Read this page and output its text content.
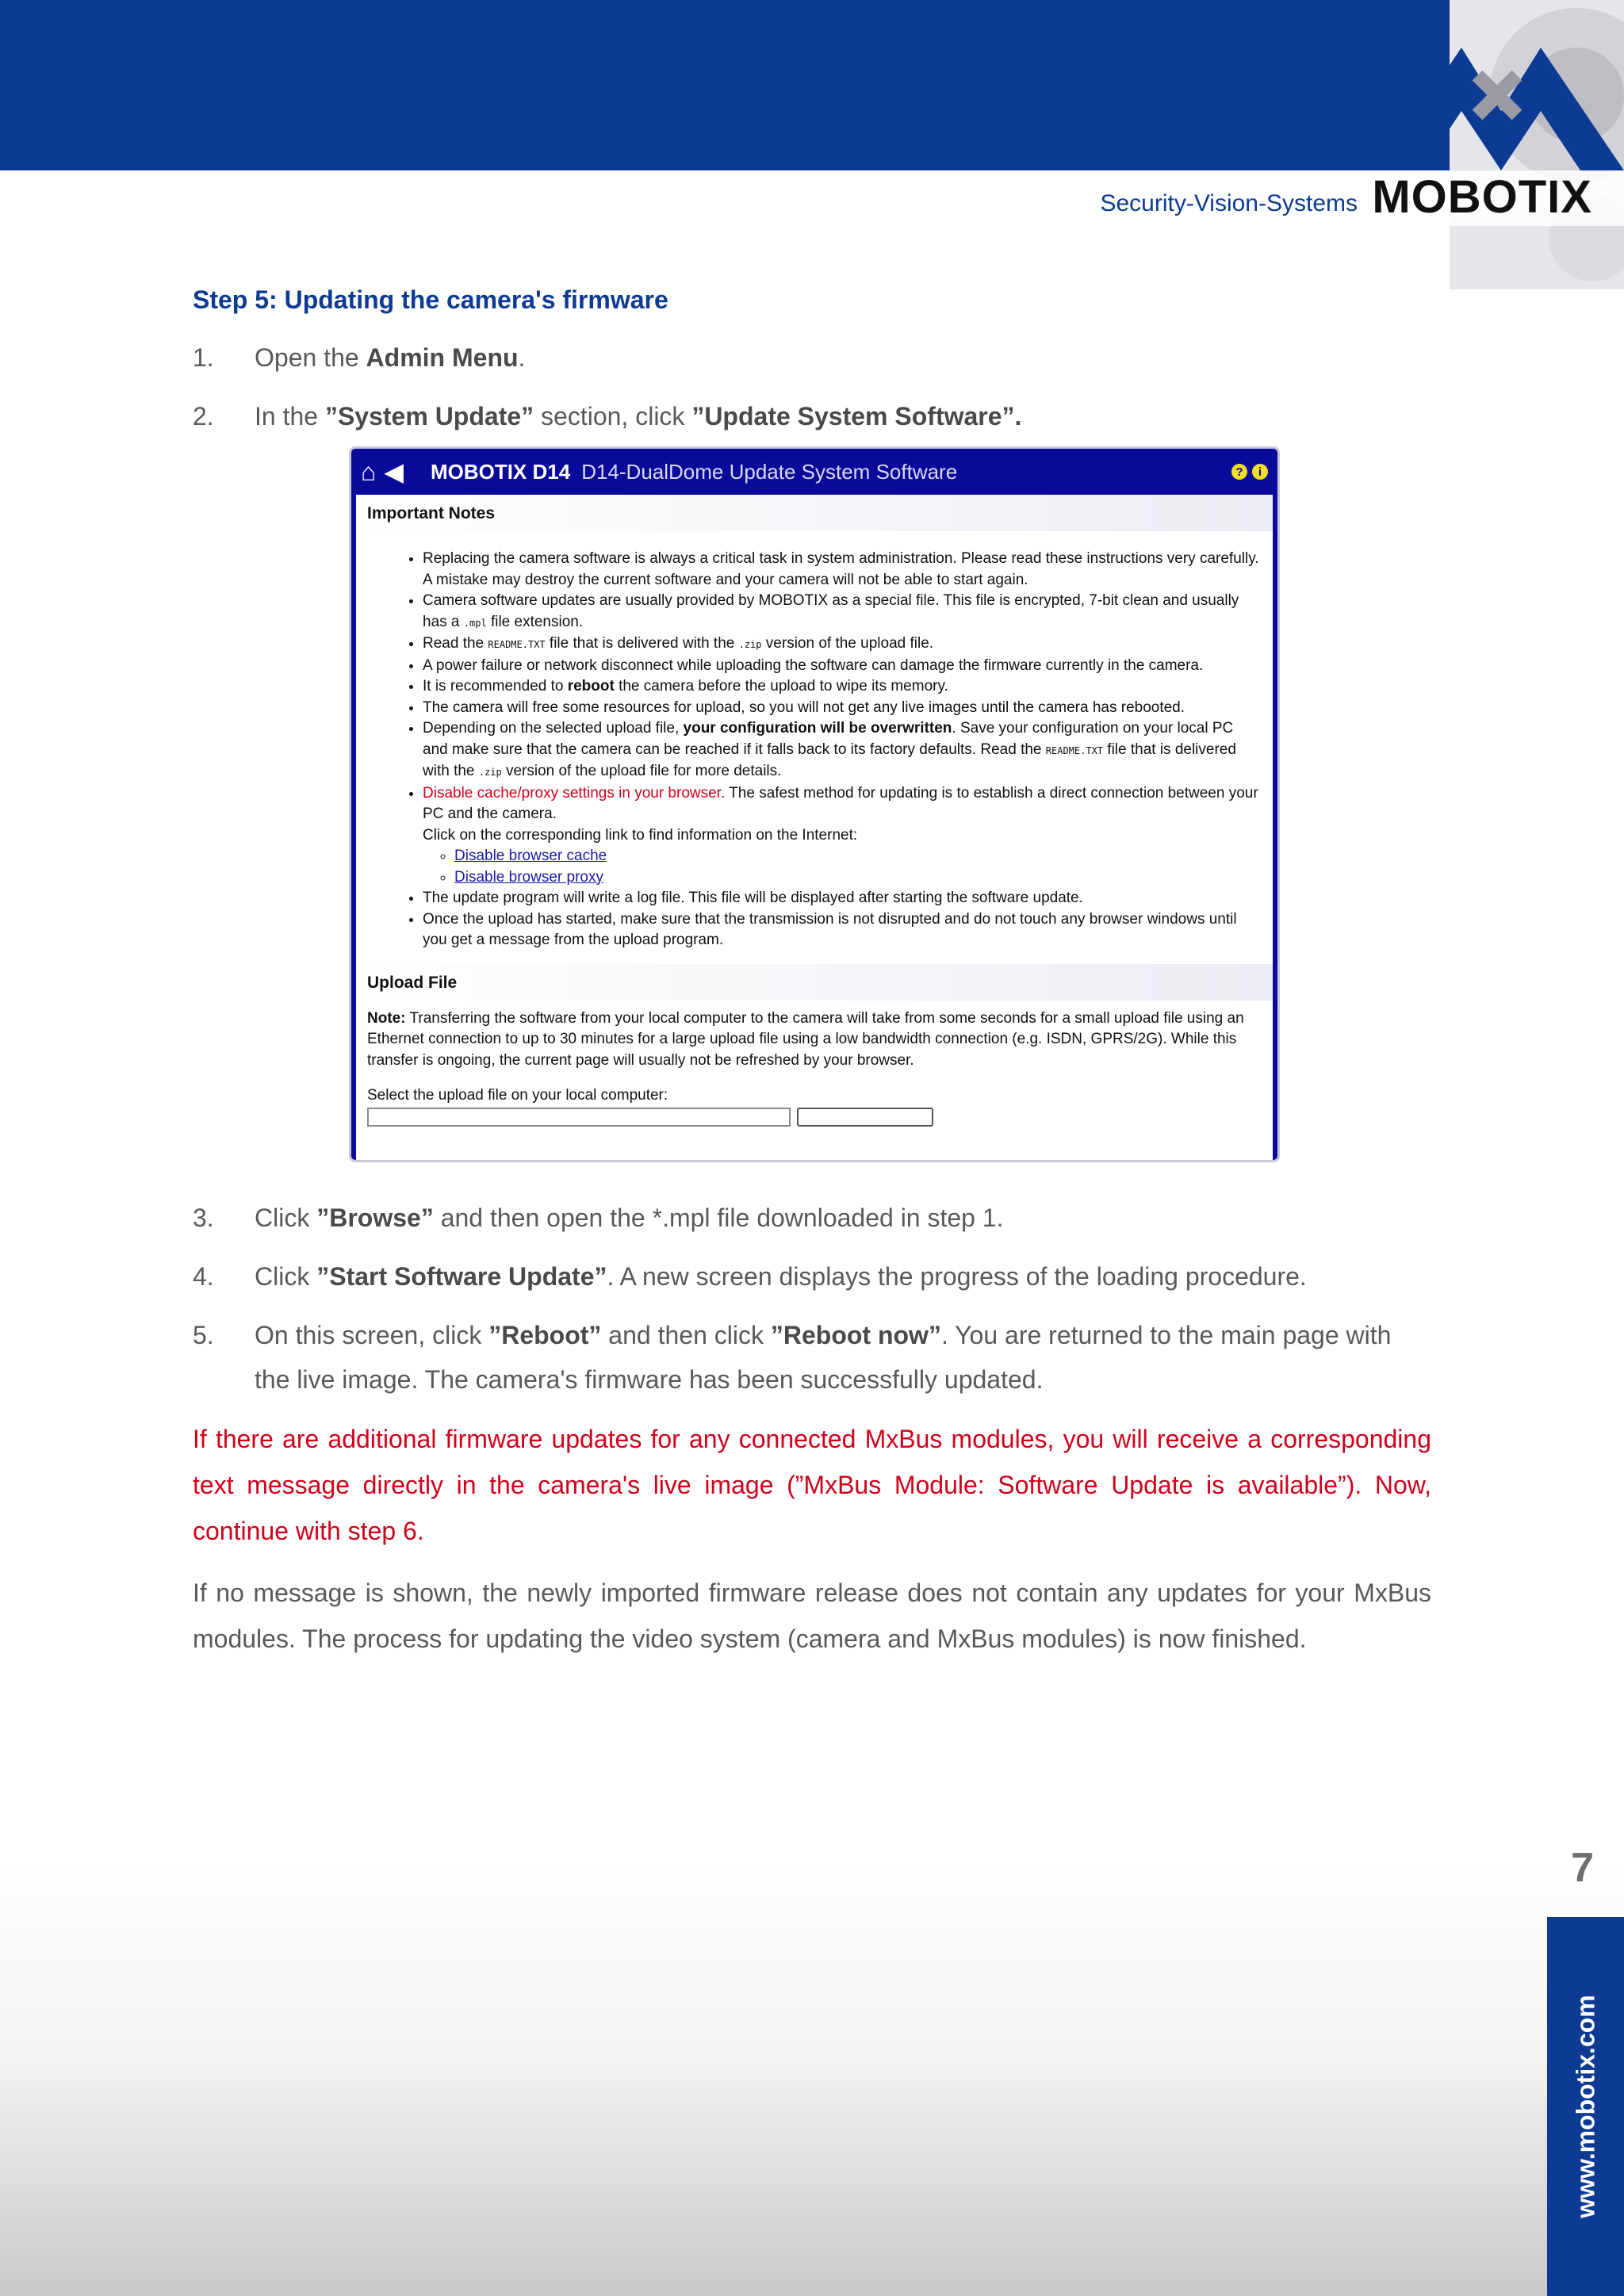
Security-Vision-Systems MOBOTIX
Step 5: Updating the camera's firmware
1.	Open the Admin Menu.
2.	In the ”System Update” section, click ”Update System Software”.
⌂◀ MOBOTIX D14 D14-DualDome Update System Software	?	i
Important Notes
• Replacing the camera software is always a critical task in system administration. Please read these instructions very carefully. A mistake may destroy the current software and your camera will not be able to start again.
• Camera software updates are usually provided by MOBOTIX as a special file. This file is encrypted, 7-bit clean and usually has a .mpl file extension.
• Read the README.TXT file that is delivered with the .zip version of the upload file.
• A power failure or network disconnect while uploading the software can damage the firmware currently in the camera.
• It is recommended to reboot the camera before the upload to wipe its memory.
• The camera will free some resources for upload, so you will not get any live images until the camera has rebooted.
• Depending on the selected upload file, your configuration will be overwritten. Save your configuration on your local PC and make sure that the camera can be reached if it falls back to its factory defaults. Read the README.TXT file that is delivered with the .zip version of the upload file for more details.
• Disable cache/proxy settings in your browser. The safest method for updating is to establish a direct connection between your PC and the camera.
Click on the corresponding link to find information on the Internet:
◦ Disable browser cache
◦ Disable browser proxy
• The update program will write a log file. This file will be displayed after starting the software update.
• Once the upload has started, make sure that the transmission is not disrupted and do not touch any browser windows until you get a message from the upload program.
Upload File

Note: Transferring the software from your local computer to the camera will take from some seconds for a small upload file using an Ethernet connection to up to 30 minutes for a large upload file using a low bandwidth connection (e.g. ISDN, GPRS/2G). While this transfer is ongoing, the current page will usually not be refreshed by your browser.

Select the upload file on your local computer:

3.	Click ”Browse” and then open the *.mpl file downloaded in step 1.
4.	Click ”Start Software Update”. A new screen displays the progress of the loading procedure.
5.	On this screen, click ”Reboot” and then click ”Reboot now”. You are returned to the main page with the live image. The camera's firmware has been successfully updated.

If there are additional firmware updates for any connected MxBus modules, you will receive a corresponding text message directly in the camera's live image (”MxBus Module: Software Update is available”). Now, continue with step 6.

If no message is shown, the newly imported firmware release does not contain any updates for your MxBus modules. The process for updating the video system (camera and MxBus modules) is now finished.

7
www.mobotix.com
